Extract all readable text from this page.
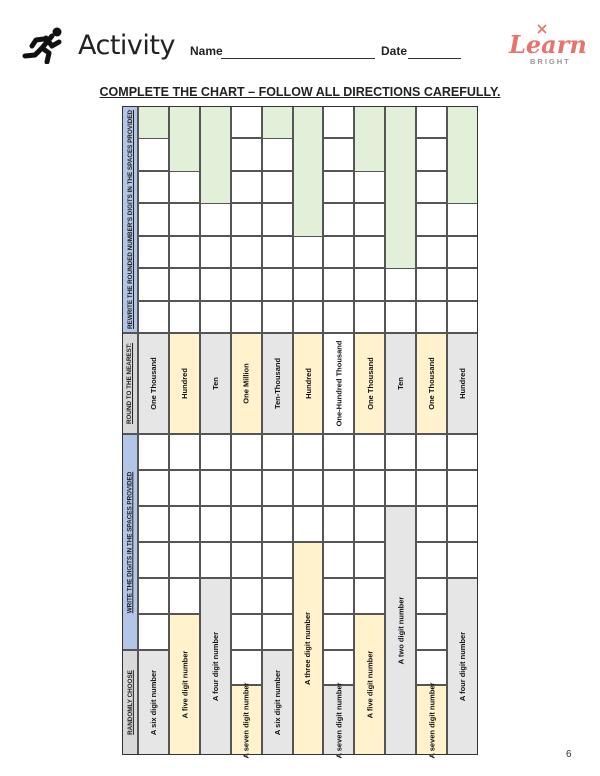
Activity Name	Date	Learn
BRIGHT
COMPLETE THE CHART – FOLLOW ALL DIRECTIONS CAREFULLY.
REWRITE THE ROUNDED NUMBER'S DIGITS IN THE SPACES PROVIDED
ROUND TO THE NEAREST:
WRITE THE DIGITS IN THE SPACES PROVIDED
RANDOMLY CHOOSE A six digit number
One Thousand
A five digit number
Hundred
A four digit number
Ten
A seven digit number
One Million
A six digit number
Ten-Thousand
A three digit number
Hundred
A seven digit number
One-Hundred Thousand
A five digit number
One Thousand
A two digit number
Ten
A seven digit number
One Thousand
A four digit number
Hundred
6
